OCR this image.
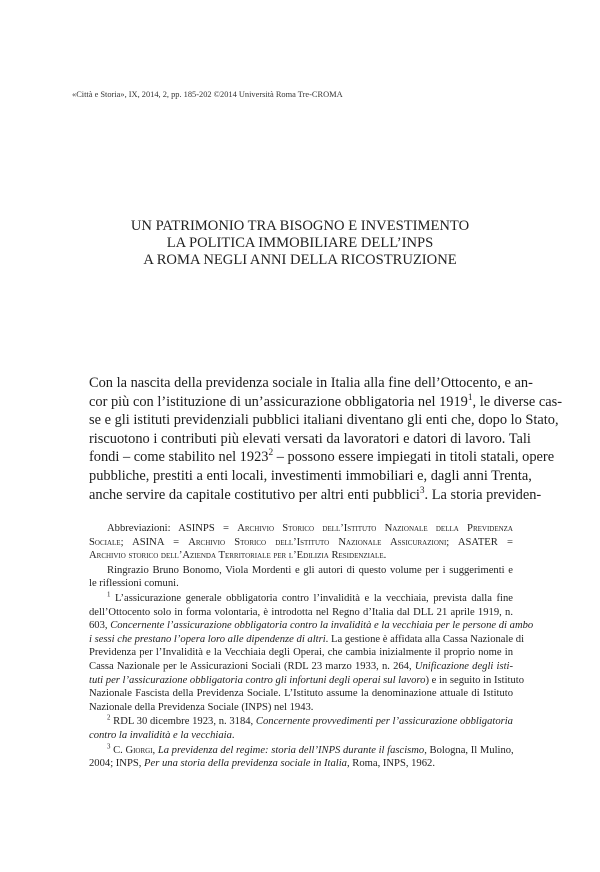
«Città e Storia», IX, 2014, 2, pp. 185-202 ©2014 Università Roma Tre-CROMA
UN PATRIMONIO TRA BISOGNO E INVESTIMENTO
LA POLITICA IMMOBILIARE DELL’INPS
A ROMA NEGLI ANNI DELLA RICOSTRUZIONE
Con la nascita della previdenza sociale in Italia alla fine dell’Ottocento, e an-
cor più con l’istituzione di un’assicurazione obbligatoria nel 1919$^1$, le diverse cas-
se e gli istituti previdenziali pubblici italiani diventano gli enti che, dopo lo Stato,
riscuotono i contributi più elevati versati da lavoratori e datori di lavoro. Tali
fondi – come stabilito nel 1923$^2$ – possono essere impiegati in titoli statali, opere
pubbliche, prestiti a enti locali, investimenti immobiliari e, dagli anni Trenta,
anche servire da capitale costitutivo per altri enti pubblici$^3$. La storia previden-
Abbreviazioni: ASINPS = Archivio Storico dell’Istituto Nazionale della Previdenza
Sociale; ASINA = Archivio Storico dell’Istituto Nazionale Assicurazioni; ASATER =
Archivio storico dell’Azienda Territoriale per l’Edilizia Residenziale.
Ringrazio Bruno Bonomo, Viola Mordenti e gli autori di questo volume per i suggerimenti e
le riflessioni comuni.
$^1$ L’assicurazione generale obbligatoria contro l’invalidità e la vecchiaia, prevista dalla fine
dell’Ottocento solo in forma volontaria, è introdotta nel Regno d’Italia dal DLL 21 aprile 1919, n.
603, Concernente l’assicurazione obbligatoria contro la invalidità e la vecchiaia per le persone di ambo
i sessi che prestano l’opera loro alle dipendenze di altri. La gestione è affidata alla Cassa Nazionale di
Previdenza per l’Invalidità e la Vecchiaia degli Operai, che cambia inizialmente il proprio nome in
Cassa Nazionale per le Assicurazioni Sociali (RDL 23 marzo 1933, n. 264, Unificazione degli isti-
tuti per l’assicurazione obbligatoria contro gli infortuni degli operai sul lavoro) e in seguito in Istituto
Nazionale Fascista della Previdenza Sociale. L’Istituto assume la denominazione attuale di Istituto
Nazionale della Previdenza Sociale (INPS) nel 1943.
$^2$ RDL 30 dicembre 1923, n. 3184, Concernente provvedimenti per l’assicurazione obbligatoria
contro la invalidità e la vecchiaia.
$^3$ C. Giorgi, La previdenza del regime: storia dell’INPS durante il fascismo, Bologna, Il Mulino,
2004; INPS, Per una storia della previdenza sociale in Italia, Roma, INPS, 1962.
